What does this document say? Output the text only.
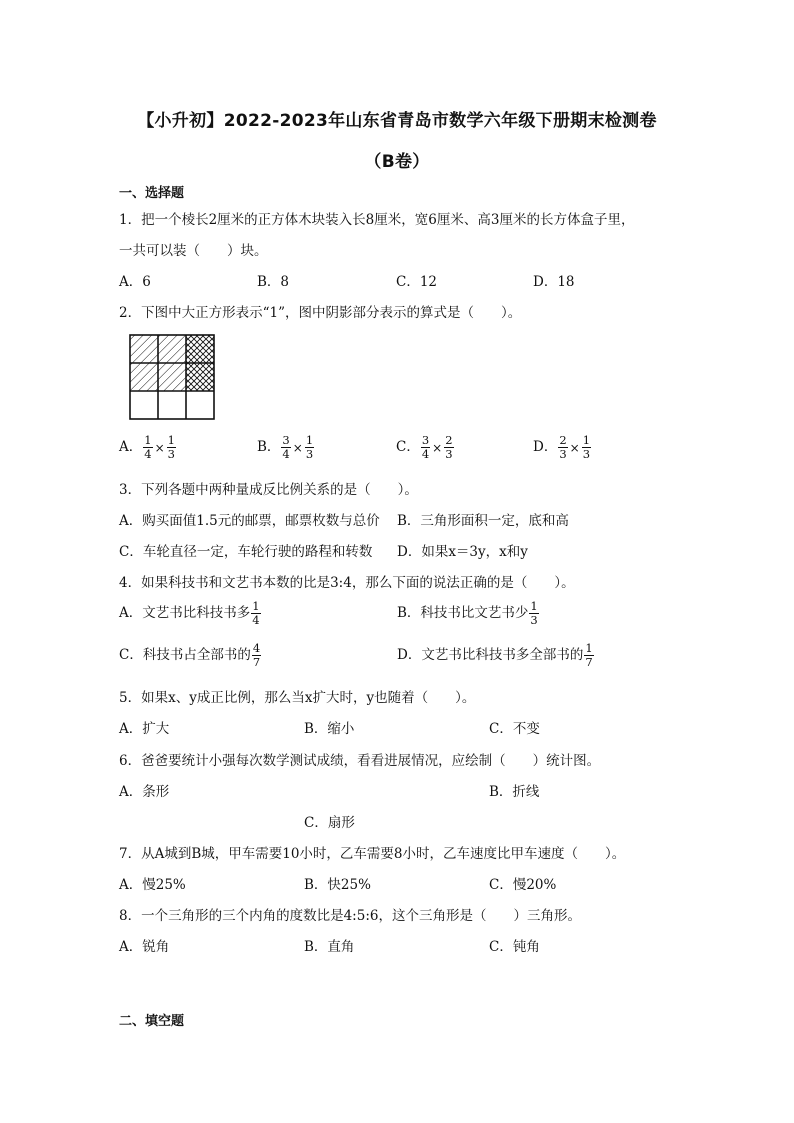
【小升初】2022-2023年山东省青岛市数学六年级下册期末检测卷
（B卷）
一、选择题
1．把一个棱长2厘米的正方体木块装入长8厘米，宽6厘米、高3厘米的长方体盒子里，
一共可以装（　　）块。
A．6	B．8	C．12	D．18
2．下图中大正方形表示“1”，图中阴影部分表示的算式是（　　）。
A． $\frac{1}{4} \times \frac{1}{3}$	B． $\frac{3}{4} \times \frac{1}{3}$	C． $\frac{3}{4} \times \frac{2}{3}$	D． $\frac{2}{3} \times \frac{1}{3}$
3．下列各题中两种量成反比例关系的是（　　）。
A．购买面值1.5元的邮票，邮票枚数与总价 B．三角形面积一定，底和高
C．车轮直径一定，车轮行驶的路程和转数 D．如果x＝3y，x和y
4．如果科技书和文艺书本数的比是3:4，那么下面的说法正确的是（　　）。
A．文艺书比科技书多 $\frac{1}{4}$	B．科技书比文艺书少 $\frac{1}{3}$
C．科技书占全部书的 $\frac{4}{7}$	D．文艺书比科技书多全部书的 $\frac{1}{7}$
5．如果x、y成正比例，那么当x扩大时，y也随着（　　）。
A．扩大	B．缩小	C．不变
6．爸爸要统计小强每次数学测试成绩，看看进展情况，应绘制（　　）统计图。
A．条形	B．折线
C．扇形
7．从A城到B城，甲车需要10小时，乙车需要8小时，乙车速度比甲车速度（　　）。
A．慢25%	B．快25%	C．慢20%
8．一个三角形的三个内角的度数比是4:5:6，这个三角形是（　　）三角形。
A．锐角	B．直角	C．钝角
二、填空题
